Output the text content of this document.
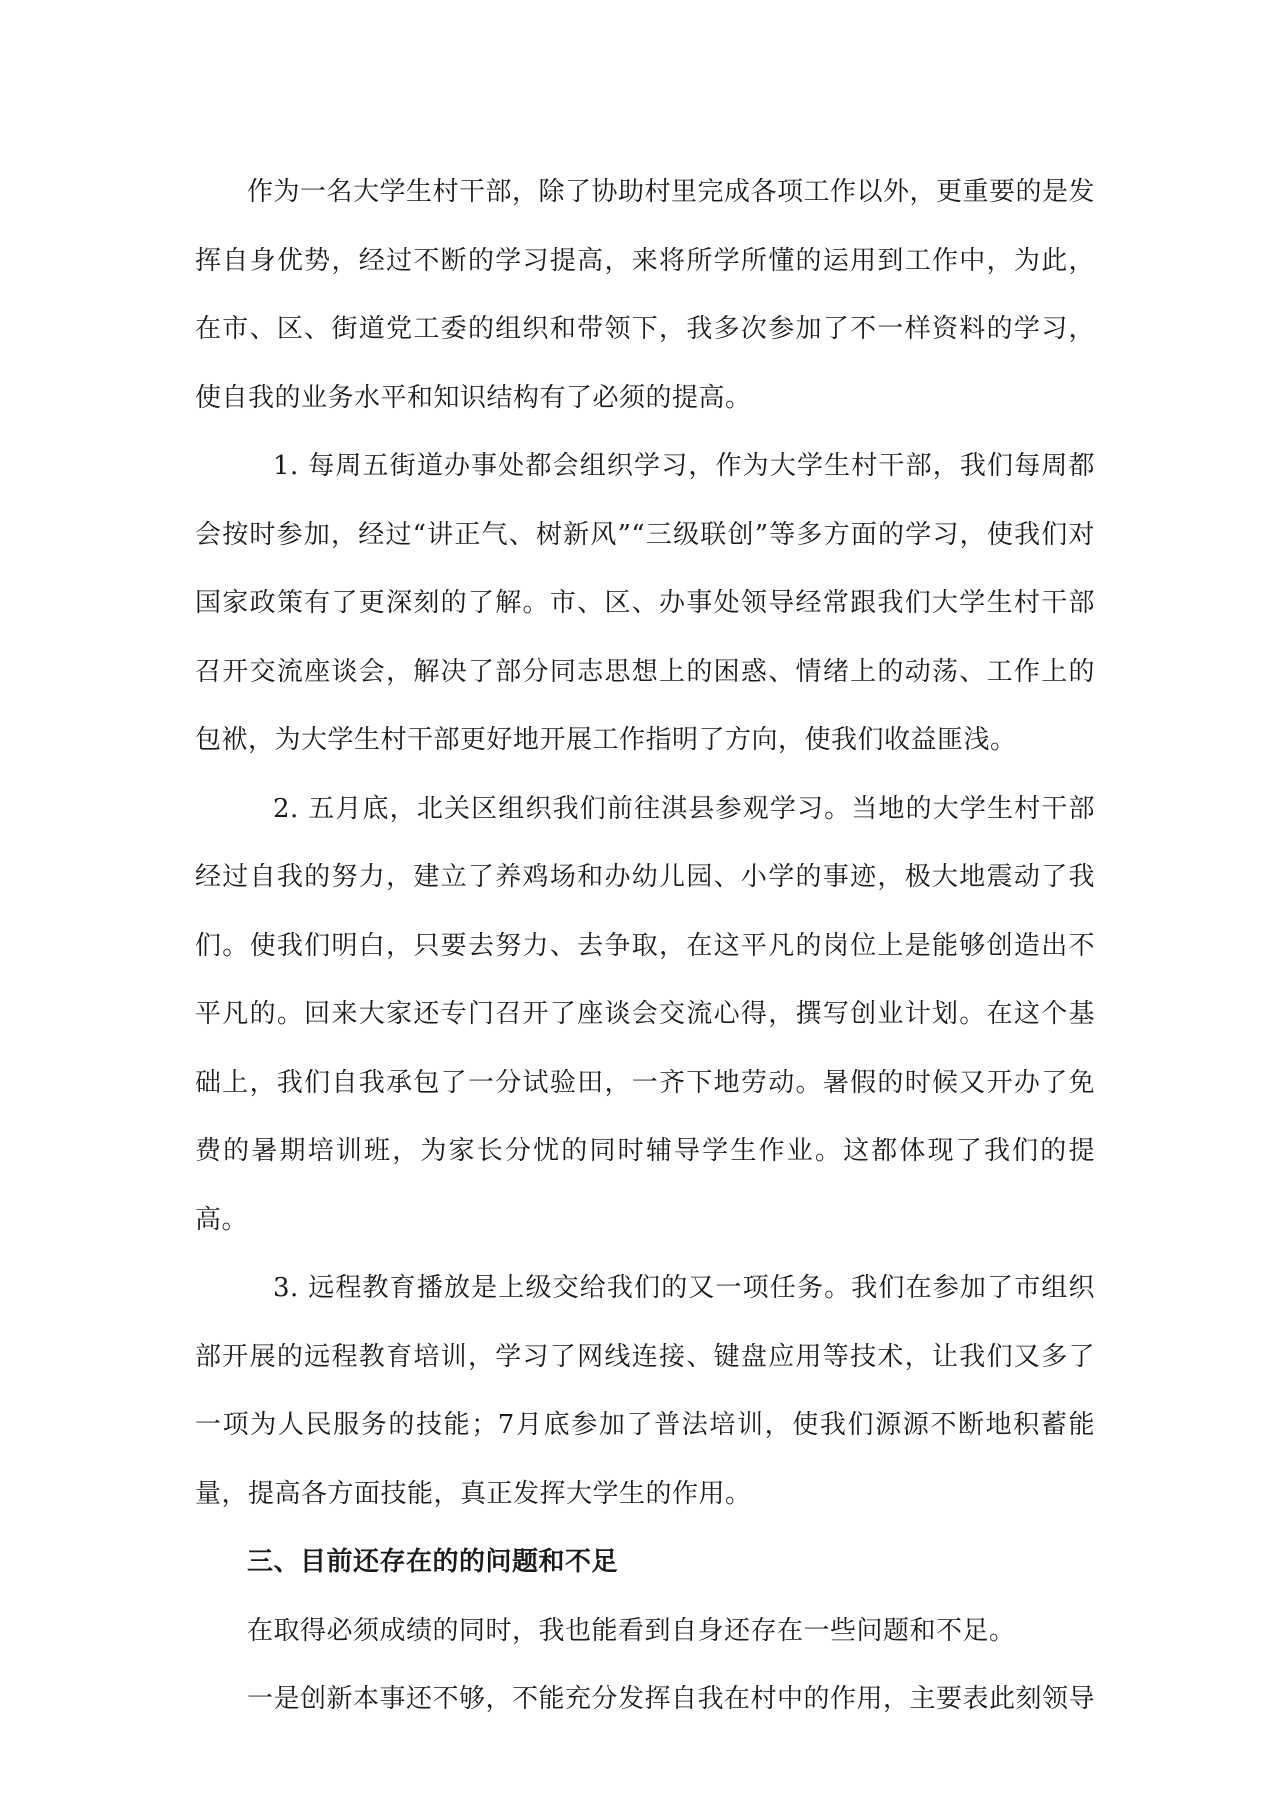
作为一名大学生村干部，除了协助村里完成各项工作以外，更重要的是发挥自身优势，经过不断的学习提高，来将所学所懂的运用到工作中，为此，在市、区、街道党工委的组织和带领下，我多次参加了不一样资料的学习，使自我的业务水平和知识结构有了必须的提高。

1. 每周五街道办事处都会组织学习，作为大学生村干部，我们每周都会按时参加，经过“讲正气、树新风”“三级联创”等多方面的学习，使我们对国家政策有了更深刻的了解。市、区、办事处领导经常跟我们大学生村干部召开交流座谈会，解决了部分同志思想上的困惑、情绪上的动荡、工作上的包袱，为大学生村干部更好地开展工作指明了方向，使我们收益匪浅。

2. 五月底，北关区组织我们前往淇县参观学习。当地的大学生村干部经过自我的努力，建立了养鸡场和办幼儿园、小学的事迹，极大地震动了我们。使我们明白，只要去努力、去争取，在这平凡的岗位上是能够创造出不平凡的。回来大家还专门召开了座谈会交流心得，撰写创业计划。在这个基础上，我们自我承包了一分试验田，一齐下地劳动。暑假的时候又开办了免费的暑期培训班，为家长分忧的同时辅导学生作业。这都体现了我们的提高。

3. 远程教育播放是上级交给我们的又一项任务。我们在参加了市组织部开展的远程教育培训，学习了网线连接、键盘应用等技术，让我们又多了一项为人民服务的技能；7月底参加了普法培训，使我们源源不断地积蓄能量，提高各方面技能，真正发挥大学生的作用。

三、目前还存在的的问题和不足

在取得必须成绩的同时，我也能看到自身还存在一些问题和不足。

一是创新本事还不够，不能充分发挥自我在村中的作用，主要表此刻领导
